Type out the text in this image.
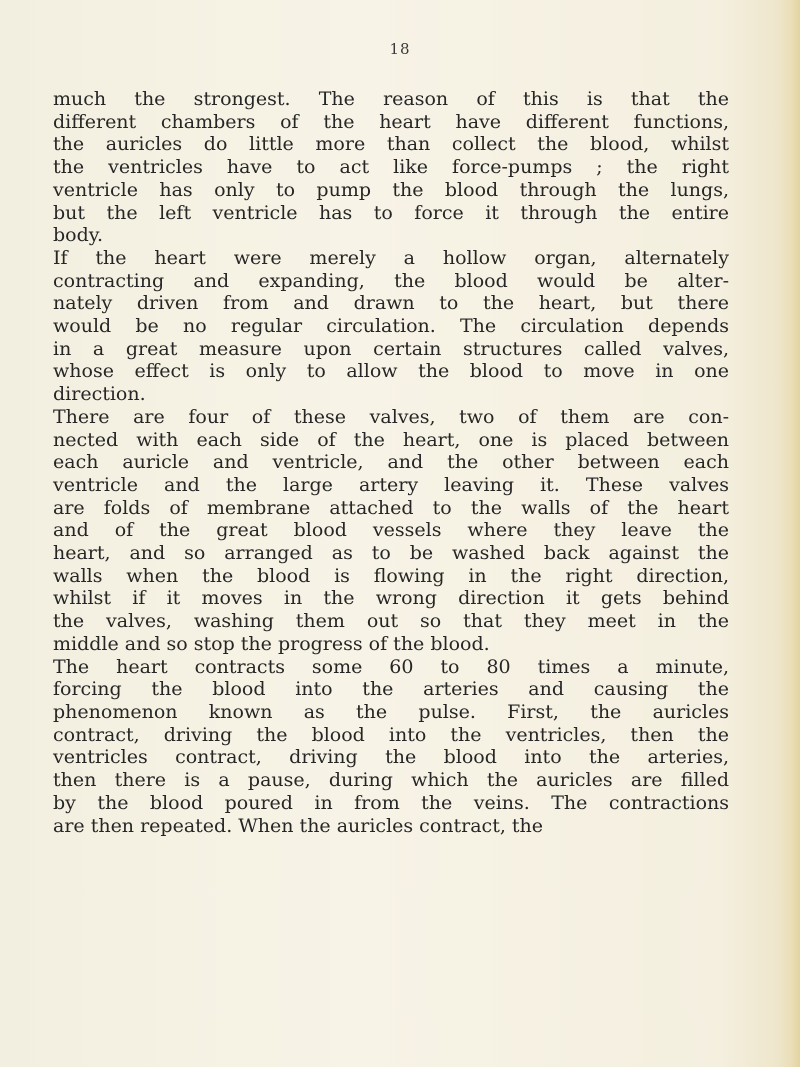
18
much the strongest. The reason of this is that the
different chambers of the heart have different functions,
the auricles do little more than collect the blood, whilst
the ventricles have to act like force-pumps ; the right
ventricle has only to pump the blood through the lungs,
but the left ventricle has to force it through the entire
body.
If the heart were merely a hollow organ, alternately
contracting and expanding, the blood would be alter-
nately driven from and drawn to the heart, but there
would be no regular circulation. The circulation depends
in a great measure upon certain structures called valves,
whose effect is only to allow the blood to move in one
direction.
There are four of these valves, two of them are con-
nected with each side of the heart, one is placed between
each auricle and ventricle, and the other between each
ventricle and the large artery leaving it. These valves
are folds of membrane attached to the walls of the heart
and of the great blood vessels where they leave the
heart, and so arranged as to be washed back against the
walls when the blood is flowing in the right direction,
whilst if it moves in the wrong direction it gets behind
the valves, washing them out so that they meet in the
middle and so stop the progress of the blood.
The heart contracts some 60 to 80 times a minute,
forcing the blood into the arteries and causing the
phenomenon known as the pulse. First, the auricles
contract, driving the blood into the ventricles, then the
ventricles contract, driving the blood into the arteries,
then there is a pause, during which the auricles are filled
by the blood poured in from the veins. The contractions
are then repeated. When the auricles contract, the
